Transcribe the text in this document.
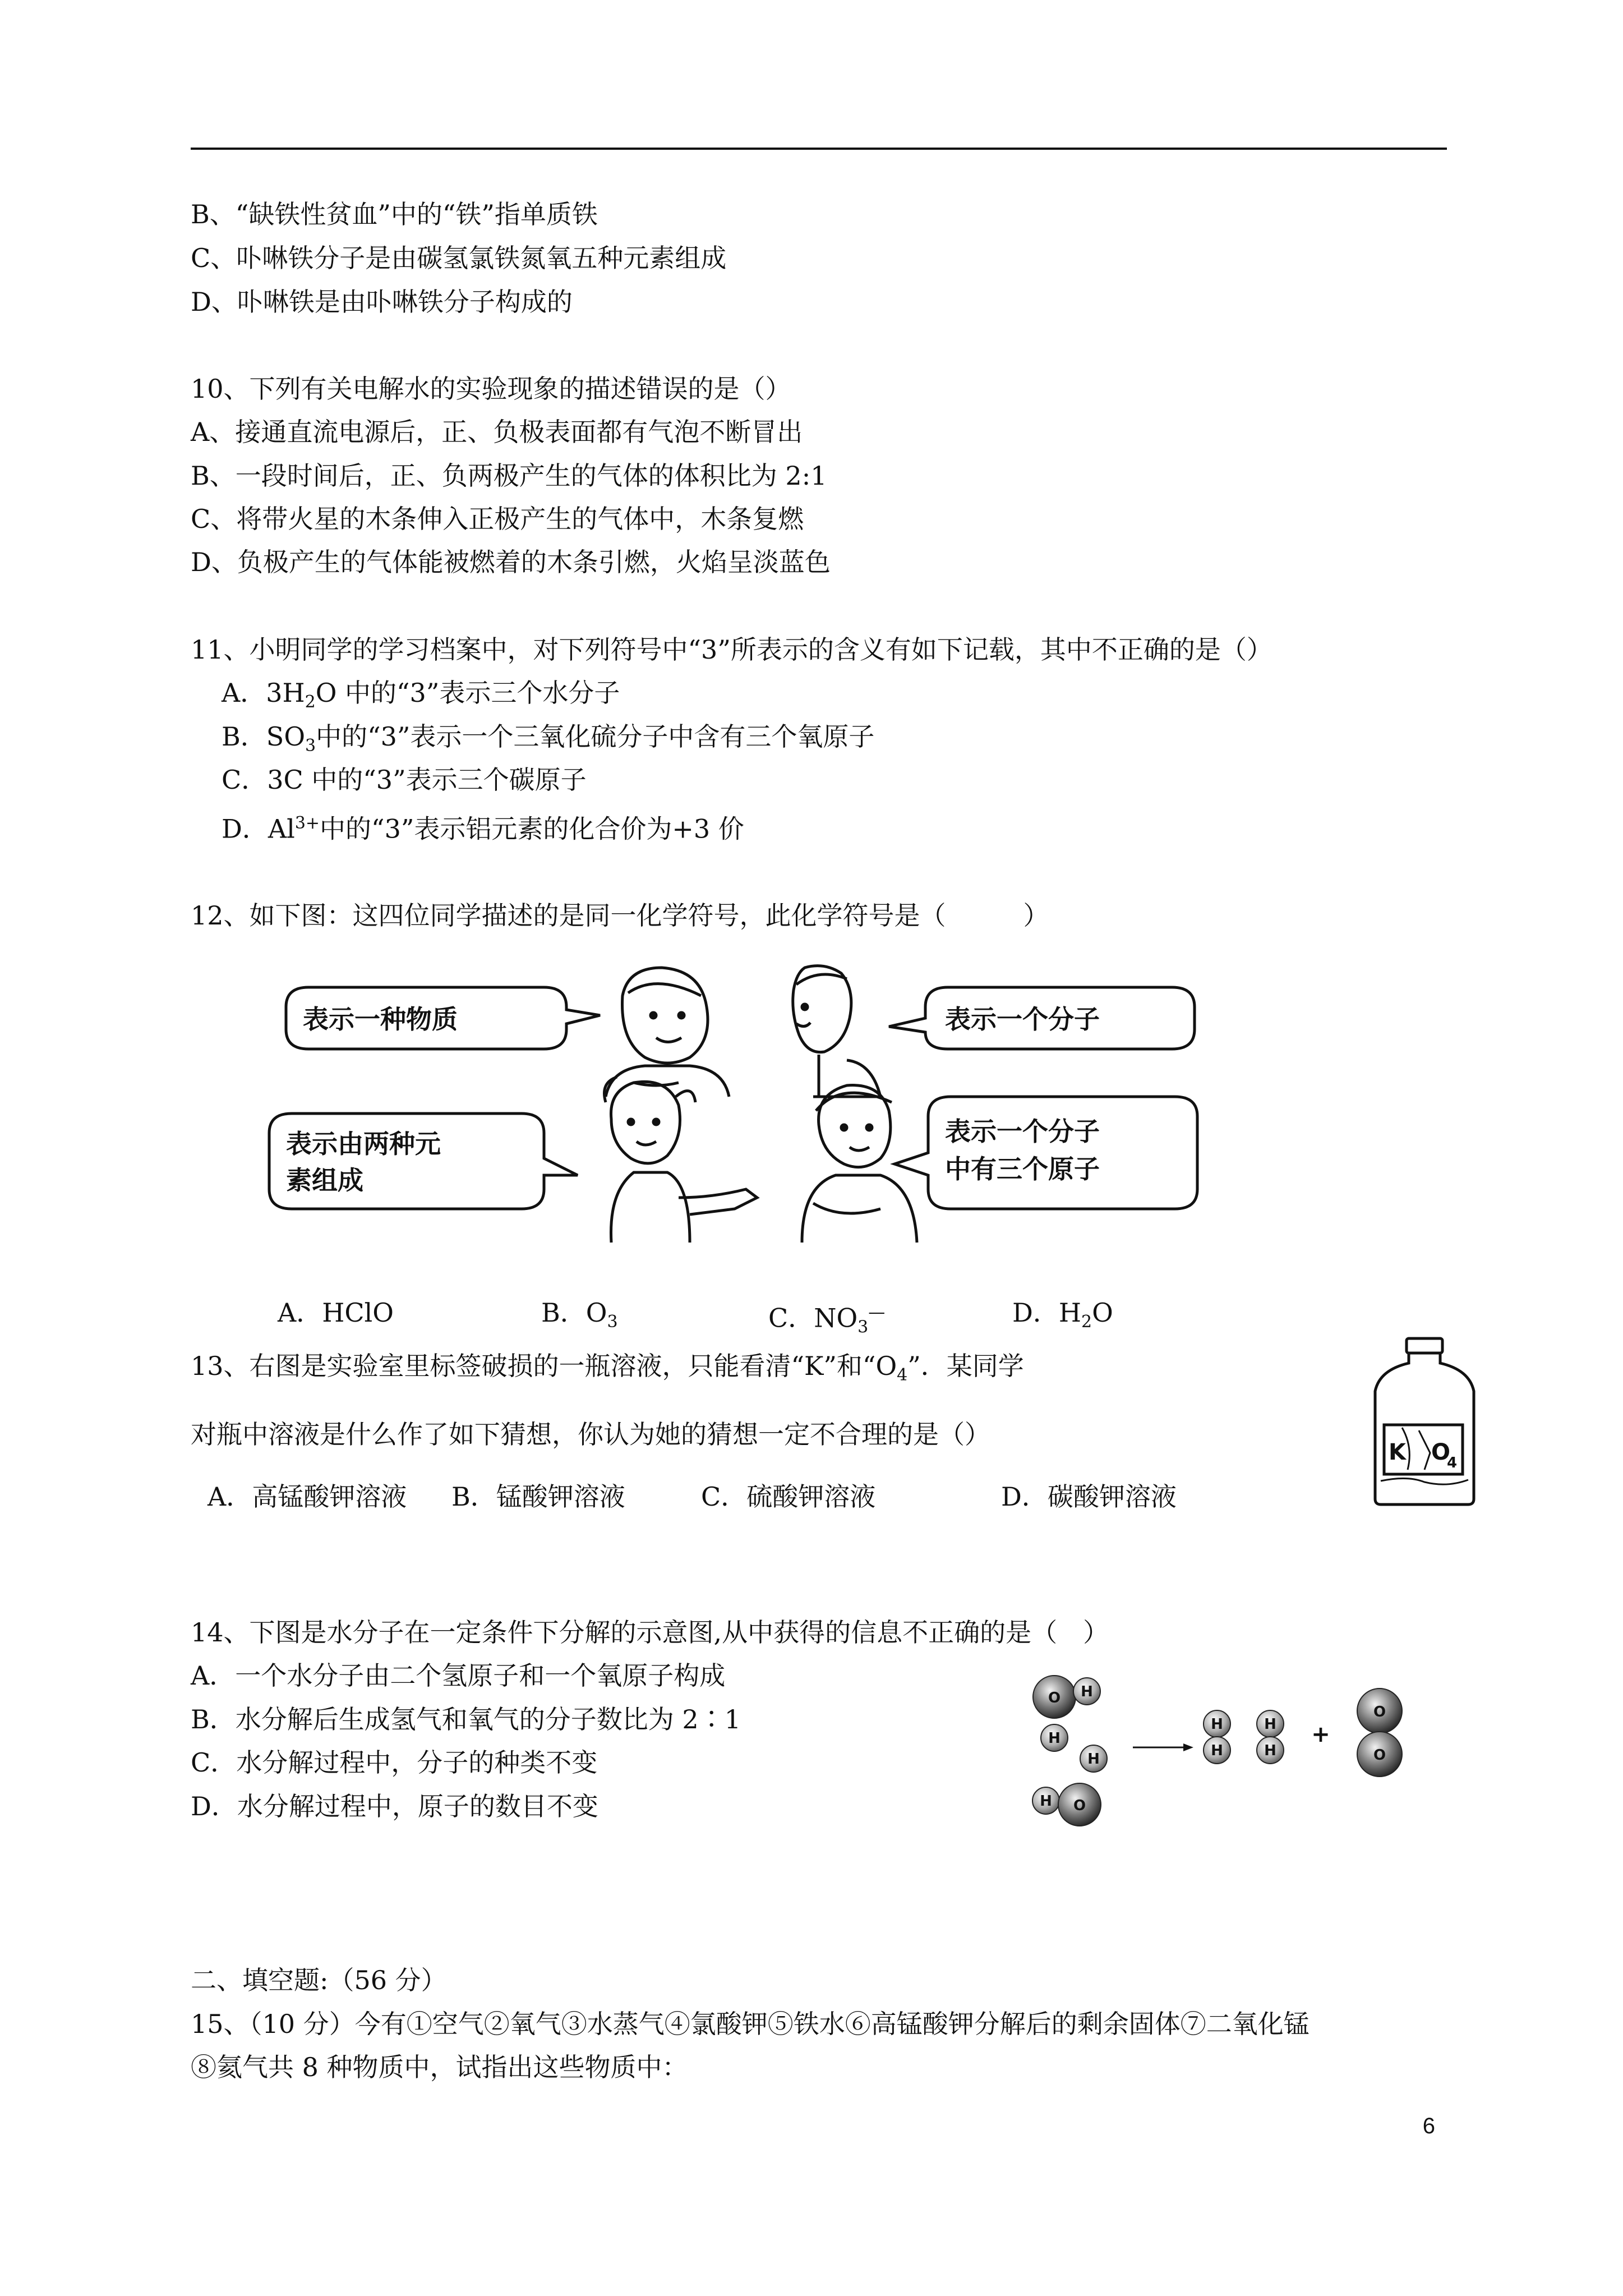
B、“缺铁性贫血”中的“铁”指单质铁
C、卟啉铁分子是由碳氢氯铁氮氧五种元素组成
D、卟啉铁是由卟啉铁分子构成的
10、下列有关电解水的实验现象的描述错误的是（）
A、接通直流电源后，正、负极表面都有气泡不断冒出
B、一段时间后，正、负两极产生的气体的体积比为 2:1
C、将带火星的木条伸入正极产生的气体中，木条复燃
D、负极产生的气体能被燃着的木条引燃，火焰呈淡蓝色
11、小明同学的学习档案中，对下列符号中“3”所表示的含义有如下记载，其中不正确的是（）
A．$3H_2O$ 中的“3”表示三个水分子
B．$SO_3$中的“3”表示一个三氧化硫分子中含有三个氧原子
C．3C 中的“3”表示三个碳原子
D．$Al^{3+}$中的“3”表示铝元素的化合价为+3 价
12、如下图：这四位同学描述的是同一化学符号，此化学符号是（　　　）
表示一种物质	表示一个分子
表示由两种元
素组成
表示一个分子
中有三个原子
A．HClO	B．$O_3$	C．$NO_3^—$	D．$H_2O$
13、右图是实验室里标签破损的一瓶溶液，只能看清“K”和“$O_4$”．某同学
对瓶中溶液是什么作了如下猜想，你认为她的猜想一定不合理的是（）
A．高锰酸钾溶液 B．锰酸钾溶液	C．硫酸钾溶液	D．碳酸钾溶液
K O
4
14、下图是水分子在一定条件下分解的示意图,从中获得的信息不正确的是（　）
A．一个水分子由二个氢原子和一个氧原子构成
B．水分解后生成氢气和氧气的分子数比为 2∶1
C．水分解过程中，分子的种类不变
D．水分解过程中，原子的数目不变
O H
H
H
H O
H
H
H
H
+
O
O
二、填空题:（56 分）
15、（10 分）今有①空气②氧气③水蒸气④氯酸钾⑤铁水⑥高锰酸钾分解后的剩余固体⑦二氧化锰
⑧氦气共 8 种物质中，试指出这些物质中：
6
